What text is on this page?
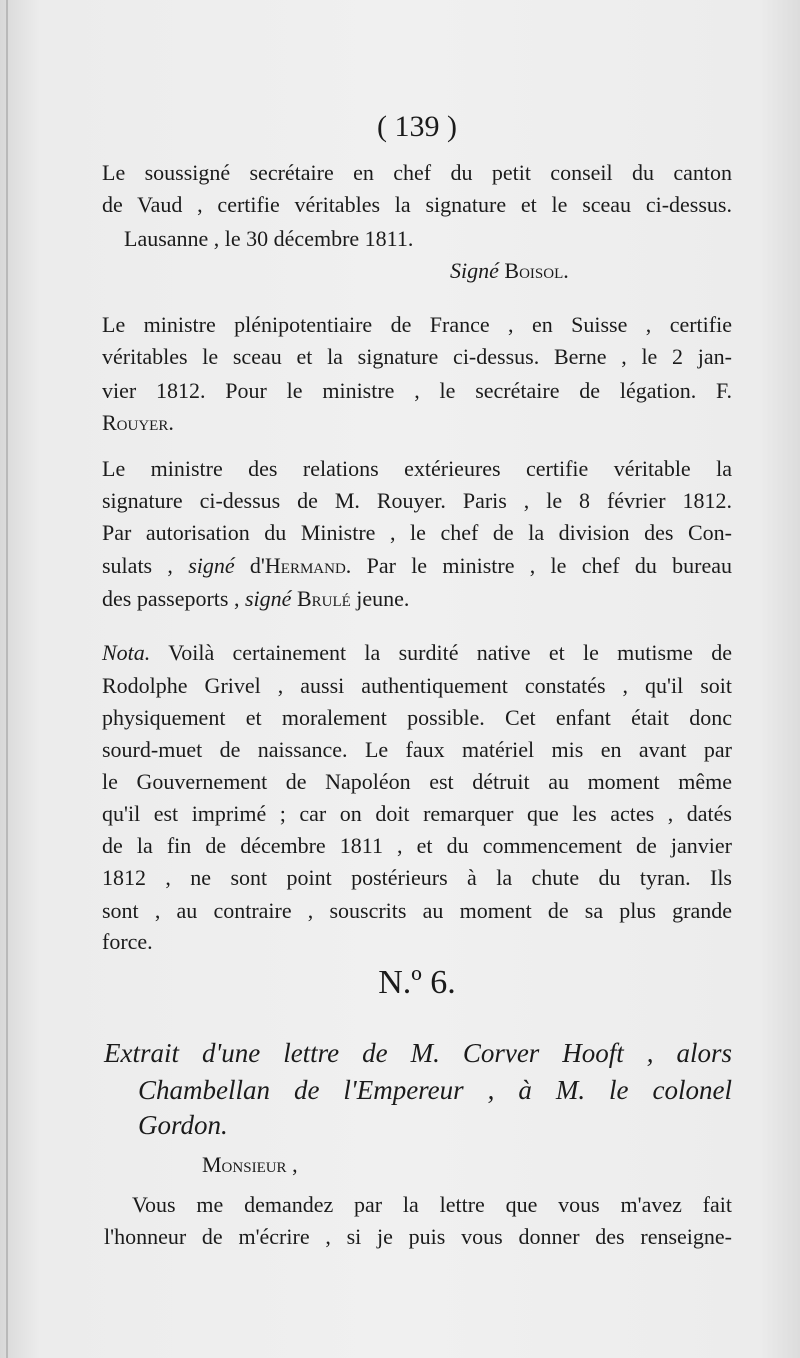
( 139 )
Le soussigné secrétaire en chef du petit conseil du canton
de Vaud , certifie véritables la signature et le sceau ci-dessus.
Lausanne , le 30 décembre 1811.
Signé Boisol.
Le ministre plénipotentiaire de France , en Suisse , certifie
véritables le sceau et la signature ci-dessus. Berne , le 2 jan-
vier 1812. Pour le ministre , le secrétaire de légation. F.
Rouyer.
Le ministre des relations extérieures certifie véritable la
signature ci-dessus de M. Rouyer. Paris , le 8 février 1812.
Par autorisation du Ministre , le chef de la division des Con-
sulats , signé d'Hermand. Par le ministre , le chef du bureau
des passeports , signé Brulé jeune.
Nota. Voilà certainement la surdité native et le mutisme de
Rodolphe Grivel , aussi authentiquement constatés , qu'il soit
physiquement et moralement possible. Cet enfant était donc
sourd-muet de naissance. Le faux matériel mis en avant par
le Gouvernement de Napoléon est détruit au moment même
qu'il est imprimé ; car on doit remarquer que les actes , datés
de la fin de décembre 1811 , et du commencement de janvier
1812 , ne sont point postérieurs à la chute du tyran. Ils
sont , au contraire , souscrits au moment de sa plus grande
force.
N.º 6.
Extrait d'une lettre de M. Corver Hooft , alors
Chambellan de l'Empereur , à M. le colonel
Gordon.
Monsieur ,
Vous me demandez par la lettre que vous m'avez fait
l'honneur de m'écrire , si je puis vous donner des renseigne-
